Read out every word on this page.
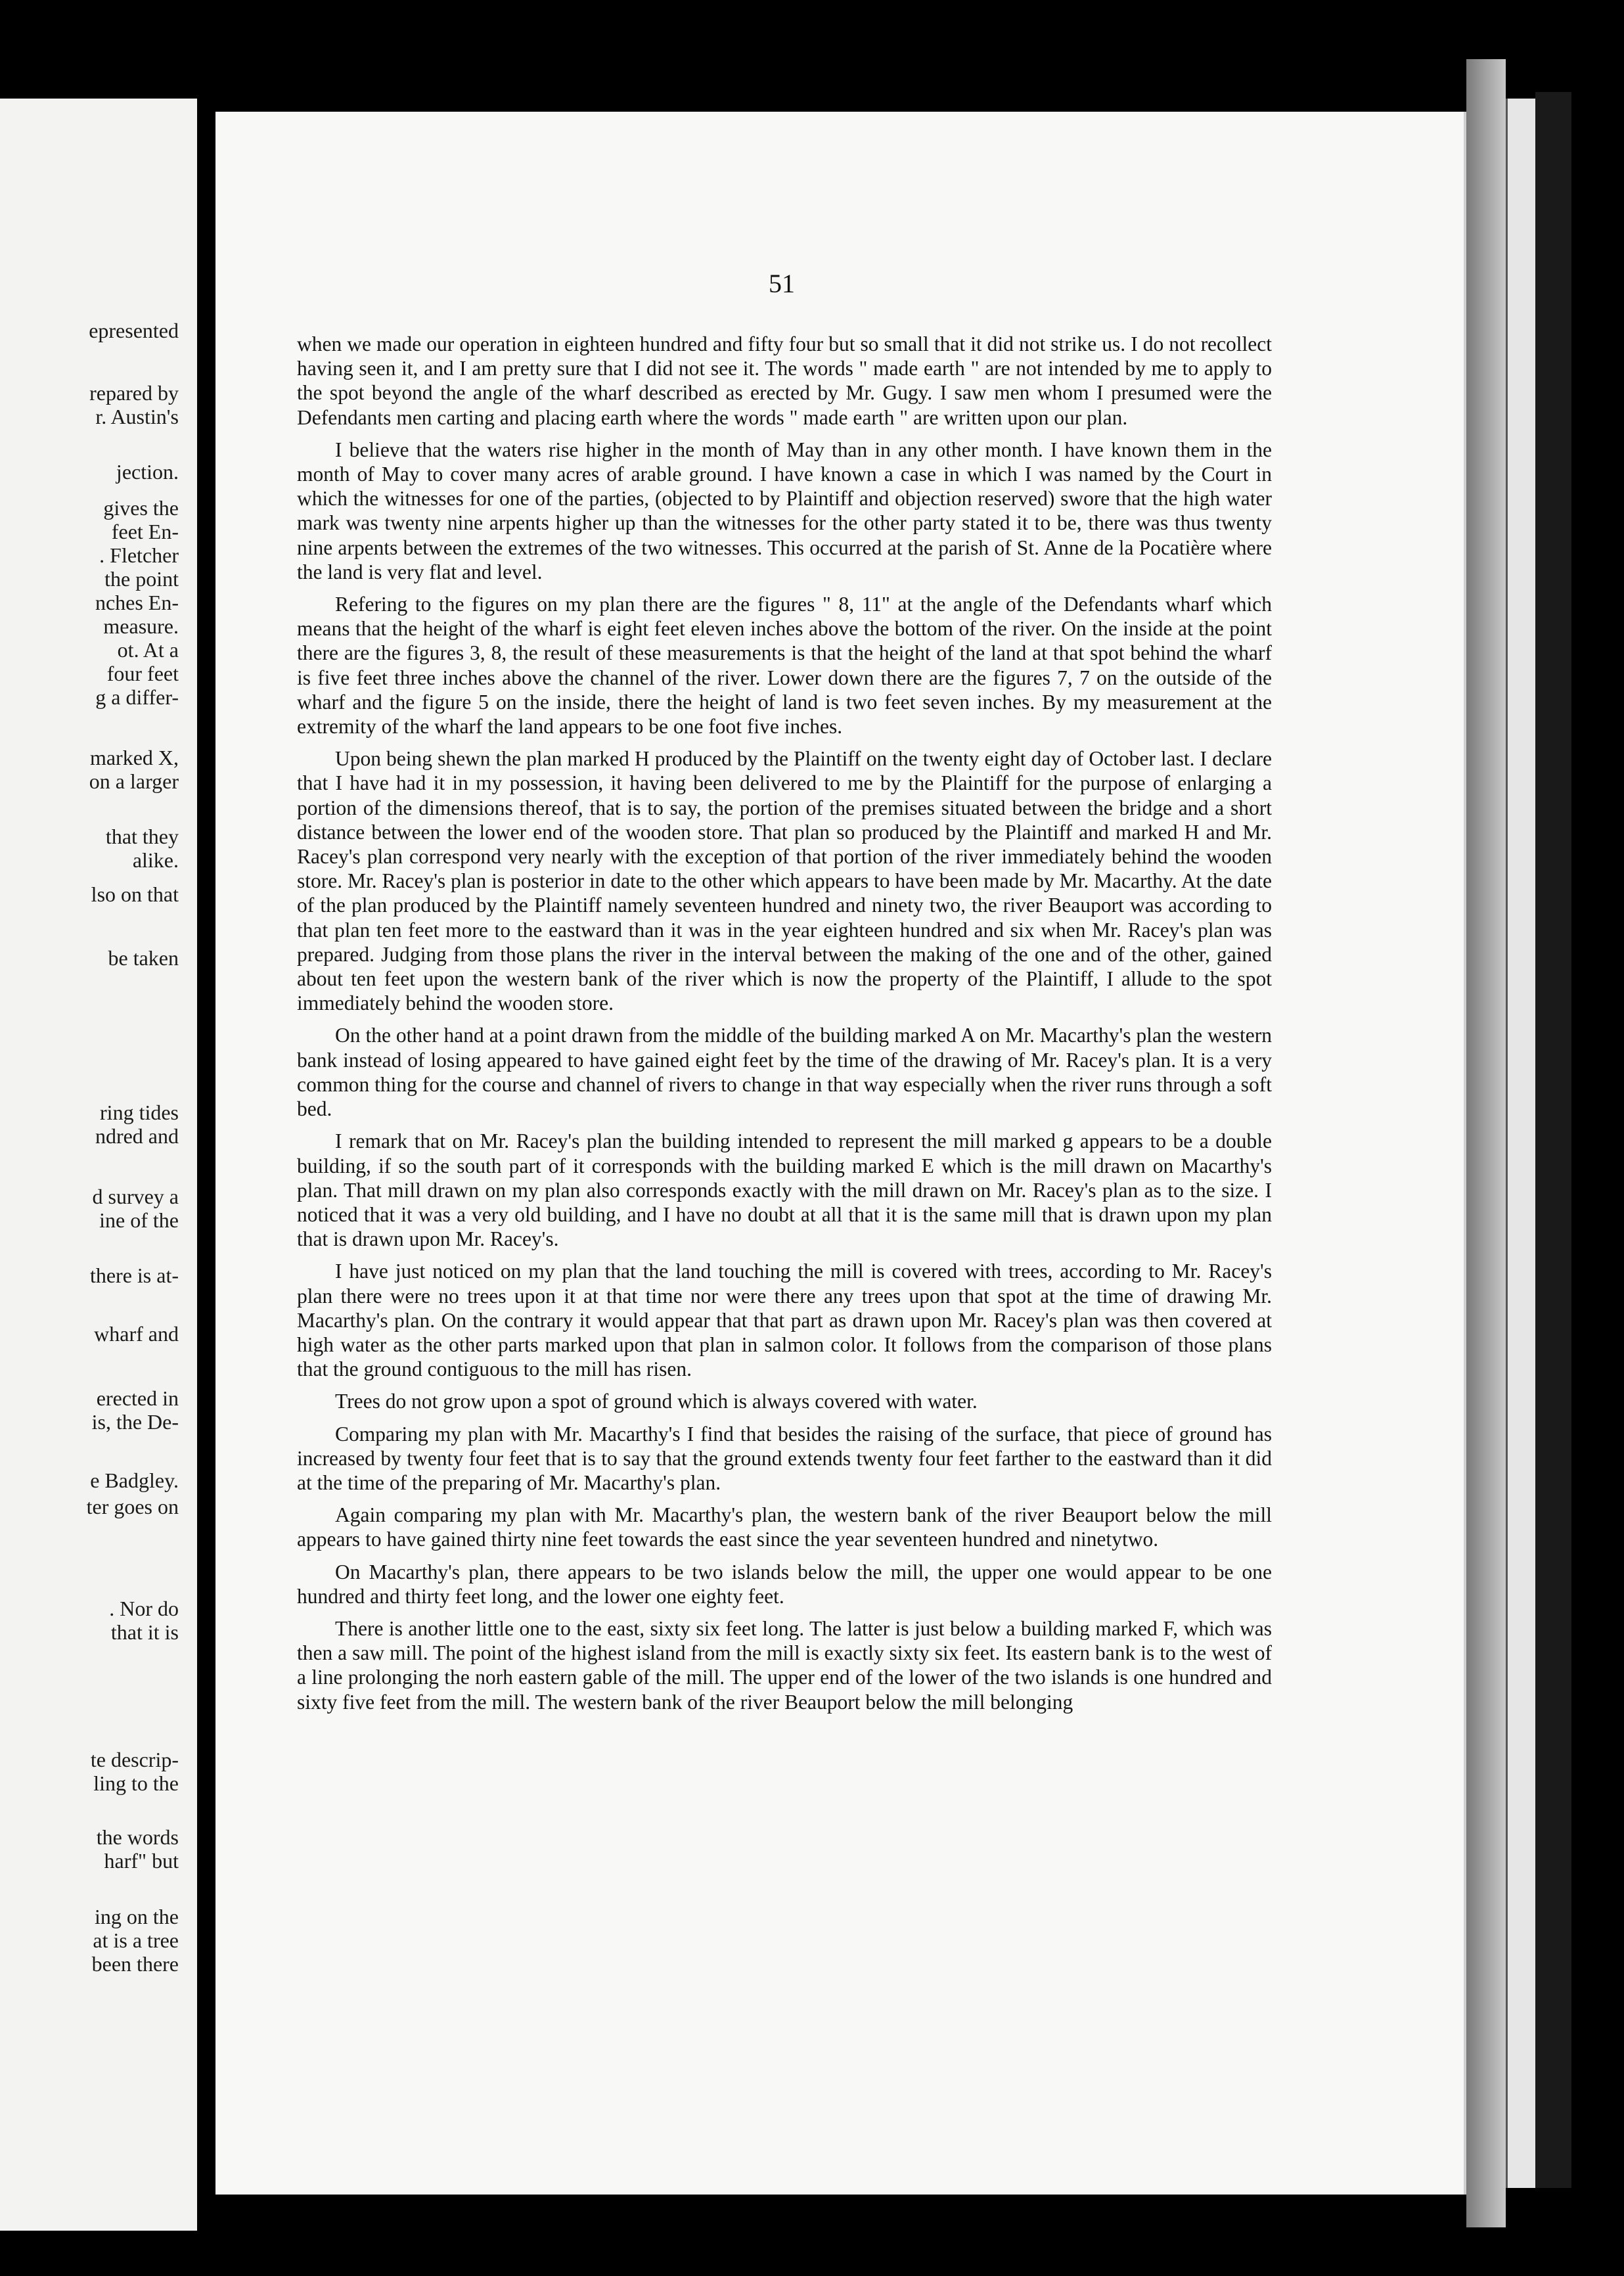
epresented
repared by
r. Austin's
jection.
gives the
feet En-
. Fletcher
the point
nches En-
measure.
ot. At a
four feet
g a differ-
marked X,
on a larger
that they
alike.
lso on that
be taken
ring tides
ndred and
d survey a
ine of the
there is at-
wharf and
erected in
is, the De-
e Badgley.
ter goes on
. Nor do
that it is
te descrip-
ling to the
the words
harf" but
ing on the
at is a tree
been there
51

when we made our operation in eighteen hundred and fifty four but so small that it did not strike us. I do not recollect having seen it, and I am pretty sure that I did not see it. The words " made earth " are not intended by me to apply to the spot beyond the angle of the wharf described as erected by Mr. Gugy. I saw men whom I presumed were the Defendants men carting and placing earth where the words " made earth " are written upon our plan.

I believe that the waters rise higher in the month of May than in any other month. I have known them in the month of May to cover many acres of arable ground. I have known a case in which I was named by the Court in which the witnesses for one of the parties, (objected to by Plaintiff and objection reserved) swore that the high water mark was twenty nine arpents higher up than the witnesses for the other party stated it to be, there was thus twenty nine arpents between the extremes of the two witnesses. This occurred at the parish of St. Anne de la Pocatière where the land is very flat and level.

Refering to the figures on my plan there are the figures " 8, 11" at the angle of the Defendants wharf which means that the height of the wharf is eight feet eleven inches above the bottom of the river. On the inside at the point there are the figures 3, 8, the result of these measurements is that the height of the land at that spot behind the wharf is five feet three inches above the channel of the river. Lower down there are the figures 7, 7 on the outside of the wharf and the figure 5 on the inside, there the height of land is two feet seven inches. By my measurement at the extremity of the wharf the land appears to be one foot five inches.

Upon being shewn the plan marked H produced by the Plaintiff on the twenty eight day of October last. I declare that I have had it in my possession, it having been delivered to me by the Plaintiff for the purpose of enlarging a portion of the dimensions thereof, that is to say, the portion of the premises situated between the bridge and a short distance between the lower end of the wooden store. That plan so produced by the Plaintiff and marked H and Mr. Racey's plan correspond very nearly with the exception of that portion of the river immediately behind the wooden store. Mr. Racey's plan is posterior in date to the other which appears to have been made by Mr. Macarthy. At the date of the plan produced by the Plaintiff namely seventeen hundred and ninety two, the river Beauport was according to that plan ten feet more to the eastward than it was in the year eighteen hundred and six when Mr. Racey's plan was prepared. Judging from those plans the river in the interval between the making of the one and of the other, gained about ten feet upon the western bank of the river which is now the property of the Plaintiff, I allude to the spot immediately behind the wooden store.

On the other hand at a point drawn from the middle of the building marked A on Mr. Macarthy's plan the western bank instead of losing appeared to have gained eight feet by the time of the drawing of Mr. Racey's plan. It is a very common thing for the course and channel of rivers to change in that way especially when the river runs through a soft bed.

I remark that on Mr. Racey's plan the building intended to represent the mill marked g appears to be a double building, if so the south part of it corresponds with the building marked E which is the mill drawn on Macarthy's plan. That mill drawn on my plan also corresponds exactly with the mill drawn on Mr. Racey's plan as to the size. I noticed that it was a very old building, and I have no doubt at all that it is the same mill that is drawn upon my plan that is drawn upon Mr. Racey's.

I have just noticed on my plan that the land touching the mill is covered with trees, according to Mr. Racey's plan there were no trees upon it at that time nor were there any trees upon that spot at the time of drawing Mr. Macarthy's plan. On the contrary it would appear that that part as drawn upon Mr. Racey's plan was then covered at high water as the other parts marked upon that plan in salmon color. It follows from the comparison of those plans that the ground contiguous to the mill has risen.

Trees do not grow upon a spot of ground which is always covered with water.

Comparing my plan with Mr. Macarthy's I find that besides the raising of the surface, that piece of ground has increased by twenty four feet that is to say that the ground extends twenty four feet farther to the eastward than it did at the time of the preparing of Mr. Macarthy's plan.

Again comparing my plan with Mr. Macarthy's plan, the western bank of the river Beauport below the mill appears to have gained thirty nine feet towards the east since the year seventeen hundred and ninetytwo.

On Macarthy's plan, there appears to be two islands below the mill, the upper one would appear to be one hundred and thirty feet long, and the lower one eighty feet.

There is another little one to the east, sixty six feet long. The latter is just below a building marked F, which was then a saw mill. The point of the highest island from the mill is exactly sixty six feet. Its eastern bank is to the west of a line prolonging the norh eastern gable of the mill. The upper end of the lower of the two islands is one hundred and sixty five feet from the mill. The western bank of the river Beauport below the mill belonging
